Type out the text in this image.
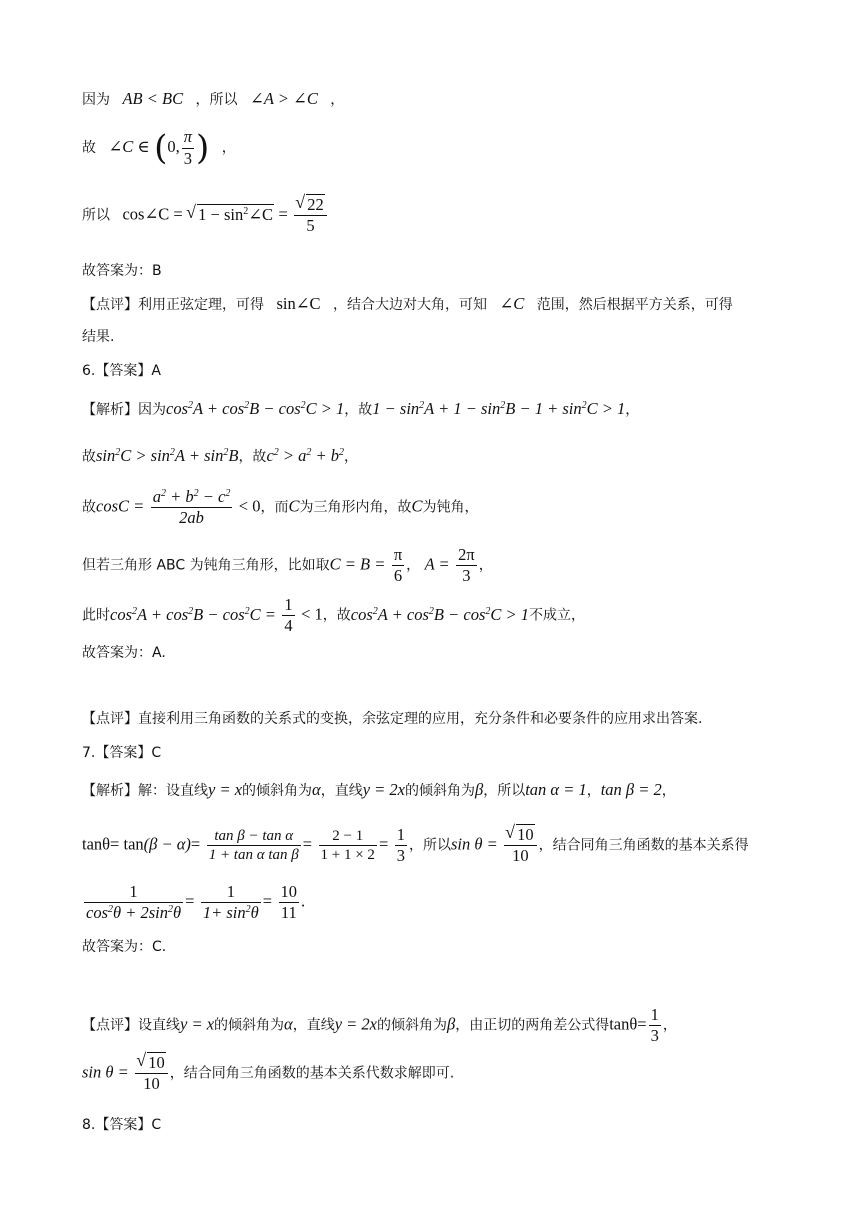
因为 AB < BC ，所以 ∠A > ∠C ，
故 ∠C ∈ (0, $\frac{\pi}{3}$ ) ，
所以 cos∠C = √ $1 - \sin^2\angle C$ = √ $\frac{22}{5}$
故答案为：B
【点评】利用正弦定理，可得 sin∠C ，结合大边对大角，可知 ∠C 范围，然后根据平方关系，可得
结果.
6.【答案】A
【解析】因为$\cos^2A + \cos^2B - \cos^2C > 1$，故$1 - \sin^2A + 1 - \sin^2B - 1 + \sin^2C > 1$，
故$\sin^2C > \sin^2A + \sin^2B$，故$c^2 > a^2 + b^2$，
故$\cos C = \frac{a^2 + b^2 - c^2}{2ab} < 0$，而C为三角形内角，故C为钝角，
但若三角形 ABC 为钝角三角形，比如取$C = B = \frac{\pi}{6}$ ， $A = \frac{2\pi}{3}$ ，
此时$\cos^2A + \cos^2B - \cos^2C = \frac{1}{4} < 1$，故$\cos^2A + \cos^2B - \cos^2C > 1$不成立，
故答案为：A.
【点评】直接利用三角函数的关系式的变换，余弦定理的应用，充分条件和必要条件的应用求出答案.
7.【答案】C
【解析】解：设直线y = x的倾斜角为α，直线y = 2x的倾斜角为β，所以tan α = 1，tan β = 2，
$\tan\theta= \tan(\beta - \alpha)= \frac{\text{tan β − tan α}}{\text{1 + tan α tan β}} = \frac{2 - 1}{1 + 1 \times 2} = \frac{1}{3}$ ，所以sin θ = √ $\frac{10}{10}$ ，结合同角三角函数的基本关系得
$\frac{1}{\cos^2\theta + 2\sin^2\theta} = \frac{1}{1+ \sin^2\theta} = \frac{10}{11}$ .
故答案为：C.
【点评】设直线y = x的倾斜角为α，直线y = 2x的倾斜角为β，由正切的两角差公式得$\tan\theta= \frac{1}{3}$ ，
sin θ = √ $\frac{10}{10}$ ，结合同角三角函数的基本关系代数求解即可.
8.【答案】C
